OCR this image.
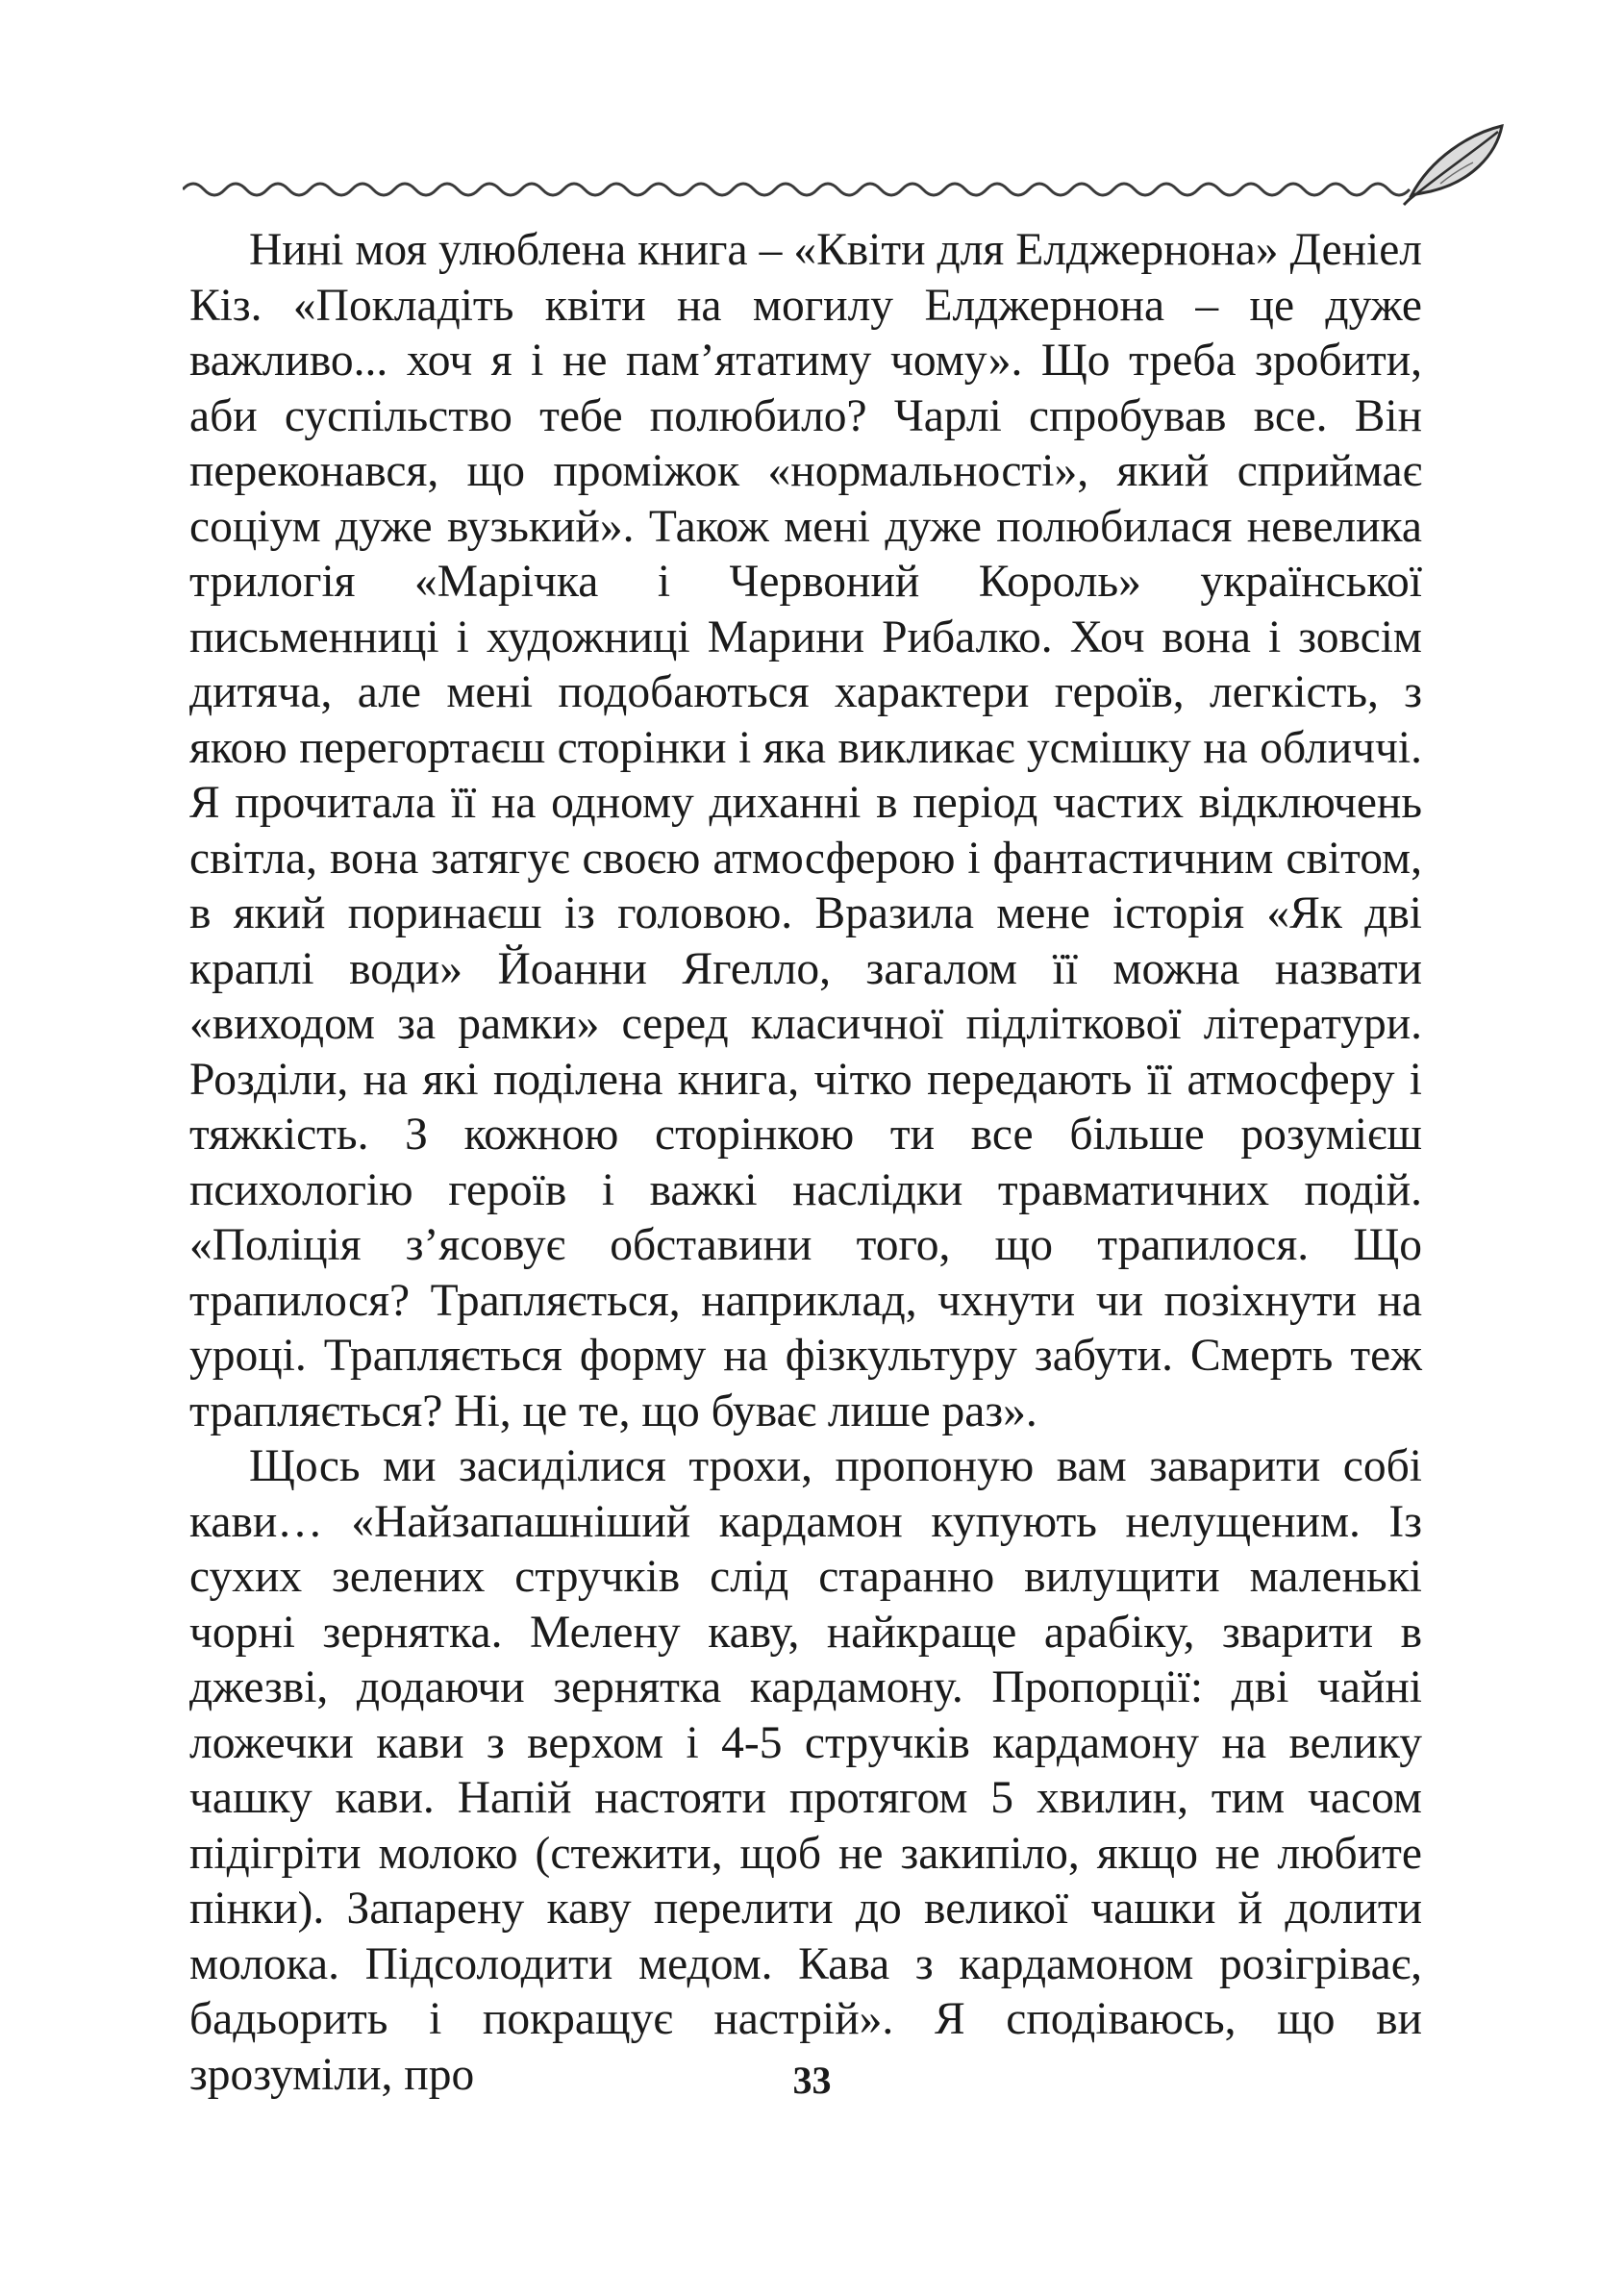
Нині моя улюблена книга – «Квіти для Елджернона» Деніел Кіз. «Покладіть квіти на могилу Елджернона – це дуже важливо... хоч я і не пам’ятатиму чому». Що треба зробити, аби суспільство тебе полюбило? Чарлі спробував все. Він переконався, що проміжок «нормальності», який сприймає соціум дуже вузький». Також мені дуже полюбилася невелика трилогія «Марічка і Червоний Король» української письменниці і художниці Марини Рибалко. Хоч вона і зовсім дитяча, але мені подобаються характери героїв, легкість, з якою перегортаєш сторінки і яка викликає усмішку на обличчі. Я прочитала її на одному диханні в період частих відключень світла, вона затягує своєю атмосферою і фантастичним світом, в який поринаєш із головою. Вразила мене історія «Як дві краплі води» Йоанни Ягелло, загалом її можна назвати «виходом за рамки» серед класичної підліткової літератури. Розділи, на які поділена книга, чітко передають її атмосферу і тяжкість. З кожною сторінкою ти все більше розумієш психологію героїв і важкі наслідки травматичних подій. «Поліція з’ясовує обставини того, що трапилося. Що трапилося? Трапляється, наприклад, чхнути чи позіхнути на уроці. Трапляється форму на фізкультуру забути. Смерть теж трапляється? Ні, це те, що буває лише раз».

Щось ми засиділися трохи, пропоную вам заварити собі кави… «Найзапашніший кардамон купують нелущеним. Із сухих зелених стручків слід старанно вилущити маленькі чорні зернятка. Мелену каву, найкраще арабіку, зварити в джезві, додаючи зернятка кардамону. Пропорції: дві чайні ложечки кави з верхом і 4-5 стручків кардамону на велику чашку кави. Напій настояти протягом 5 хвилин, тим часом підігріти молоко (стежити, щоб не закипіло, якщо не любите пінки). Запарену каву перелити до великої чашки й долити молока. Підсолодити медом. Кава з кардамоном розігріває, бадьорить і покращує настрій». Я сподіваюсь, що ви зрозуміли, про	33
